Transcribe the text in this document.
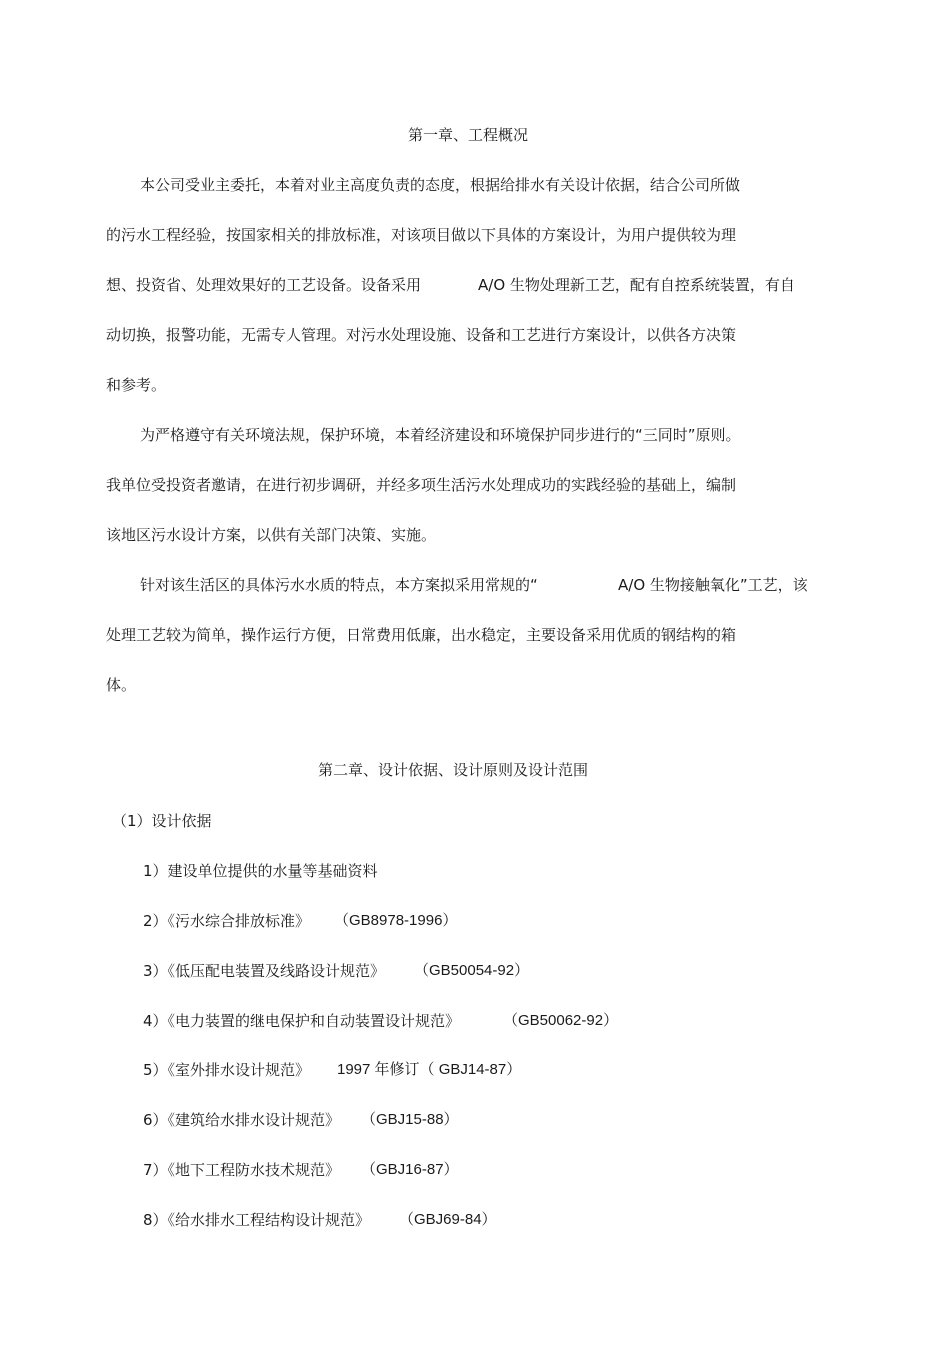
第一章、工程概况
本公司受业主委托，本着对业主高度负责的态度，根据给排水有关设计依据，结合公司所做
的污水工程经验，按国家相关的排放标准，对该项目做以下具体的方案设计，为用户提供较为理
想、投资省、处理效果好的工艺设备。设备采用	A/O 生物处理新工艺，配有自控系统装置，有自
动切换，报警功能，无需专人管理。对污水处理设施、设备和工艺进行方案设计，以供各方决策
和参考。
为严格遵守有关环境法规，保护环境，本着经济建设和环境保护同步进行的“三同时”原则。
我单位受投资者邀请，在进行初步调研，并经多项生活污水处理成功的实践经验的基础上，编制
该地区污水设计方案，以供有关部门决策、实施。
针对该生活区的具体污水水质的特点，本方案拟采用常规的“	A/O 生物接触氧化”工艺，该
处理工艺较为简单，操作运行方便，日常费用低廉，出水稳定，主要设备采用优质的钢结构的箱
体。
第二章、设计依据、设计原则及设计范围
（1）设计依据
1）建设单位提供的水量等基础资料
2）《污水综合排放标准》 （GB8978-1996）
3）《低压配电装置及线路设计规范》 （GB50054-92）
4）《电力装置的继电保护和自动装置设计规范》	（GB50062-92）
5）《室外排水设计规范》 1997 年修订（ GBJ14-87）
6）《建筑给水排水设计规范》 （GBJ15-88）
7）《地下工程防水技术规范》 （GBJ16-87）
8）《给水排水工程结构设计规范》 （GBJ69-84）
